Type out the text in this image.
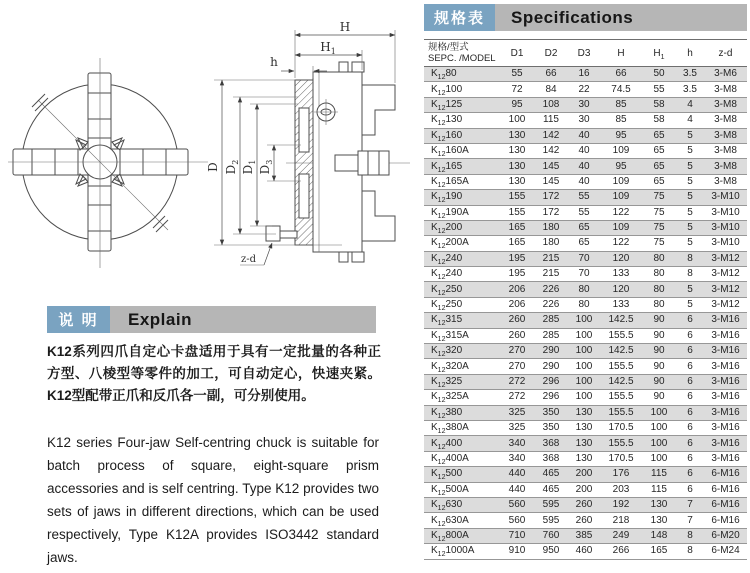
H
$H_1$
h
D $D_2$
$D_1$
$D_3$
z-d
说 明	Explain

K12系列四爪自定心卡盘适用于具有一定批量的各种正方型、八棱型等零件的加工，可自动定心，快速夹紧。K12型配带正爪和反爪各一副，可分别使用。

K12 series Four-jaw Self-centring chuck is suitable for batch process of square, eight-square prism accessories and is self centring. Type K12 provides two sets of jaws in different directions, which can be used respectively, Type K12A provides ISO3442 standard jaws.

规格表	Specifications
规格/型式
SEPC. /MODEL	D1	D2	D3	H	$H_1$	h	z-d
$K_{12}80$	55	66	16	66	50	3.5	3-M6
$K_{12}100$	72	84	22	74.5	55	3.5	3-M8
$K_{12}125$	95	108	30	85	58	4	3-M8
$K_{12}130$	100	115	30	85	58	4	3-M8
$K_{12}160$	130	142	40	95	65	5	3-M8
$K_{12}160A$	130	142	40	109	65	5	3-M8
$K_{12}165$	130	145	40	95	65	5	3-M8
$K_{12}165A$	130	145	40	109	65	5	3-M8
$K_{12}190$	155	172	55	109	75	5	3-M10
$K_{12}190A$	155	172	55	122	75	5	3-M10
$K_{12}200$	165	180	65	109	75	5	3-M10
$K_{12}200A$	165	180	65	122	75	5	3-M10
$K_{12}240$	195	215	70	120	80	8	3-M12
$K_{12}240$	195	215	70	133	80	8	3-M12
$K_{12}250$	206	226	80	120	80	5	3-M12
$K_{12}250$	206	226	80	133	80	5	3-M12
$K_{12}315$	260	285	100	142.5	90	6	3-M16
$K_{12}315A$	260	285	100	155.5	90	6	3-M16
$K_{12}320$	270	290	100	142.5	90	6	3-M16
$K_{12}320A$	270	290	100	155.5	90	6	3-M16
$K_{12}325$	272	296	100	142.5	90	6	3-M16
$K_{12}325A$	272	296	100	155.5	90	6	3-M16
$K_{12}380$	325	350	130	155.5	100	6	3-M16
$K_{12}380A$	325	350	130	170.5	100	6	3-M16
$K_{12}400$	340	368	130	155.5	100	6	3-M16
$K_{12}400A$	340	368	130	170.5	100	6	3-M16
$K_{12}500$	440	465	200	176	115	6	6-M16
$K_{12}500A$	440	465	200	203	115	6	6-M16
$K_{12}630$	560	595	260	192	130	7	6-M16
$K_{12}630A$	560	595	260	218	130	7	6-M16
$K_{12}800A$	710	760	385	249	148	8	6-M20
$K_{12}1000A$	910	950	460	266	165	8	6-M24
